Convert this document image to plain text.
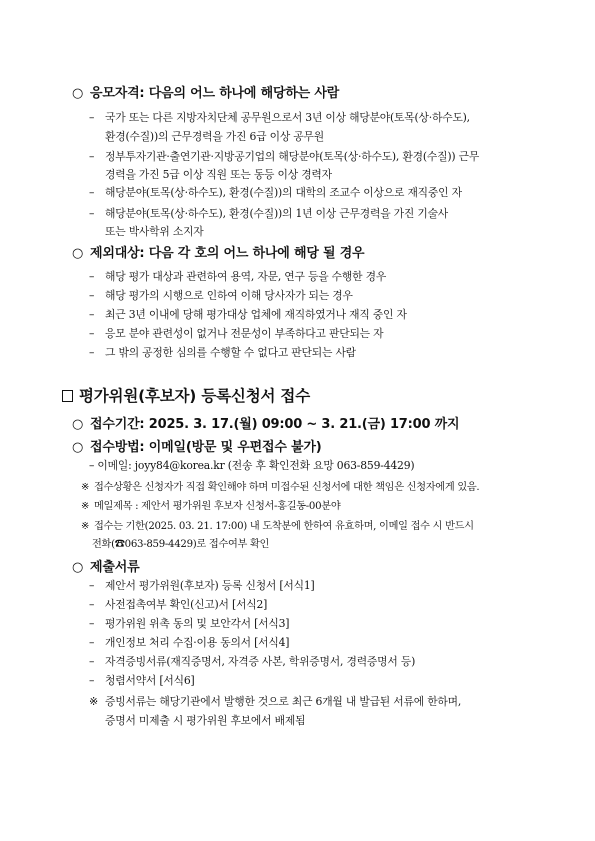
○ 응모자격: 다음의 어느 하나에 해당하는 사람
– 국가 또는 다른 지방자치단체 공무원으로서 3년 이상 해당분야(토목(상·하수도),
환경(수질))의 근무경력을 가진 6급 이상 공무원
– 정부투자기관·출연기관·지방공기업의 해당분야(토목(상·하수도), 환경(수질)) 근무
경력을 가진 5급 이상 직원 또는 동등 이상 경력자
– 해당분야(토목(상·하수도), 환경(수질))의 대학의 조교수 이상으로 재직중인 자
– 해당분야(토목(상·하수도), 환경(수질))의 1년 이상 근무경력을 가진 기술사
또는 박사학위 소지자
○ 제외대상: 다음 각 호의 어느 하나에 해당 될 경우
– 해당 평가 대상과 관련하여 용역, 자문, 연구 등을 수행한 경우
– 해당 평가의 시행으로 인하여 이해 당사자가 되는 경우
– 최근 3년 이내에 당해 평가대상 업체에 재직하였거나 재직 중인 자
– 응모 분야 관련성이 없거나 전문성이 부족하다고 판단되는 자
– 그 밖의 공정한 심의를 수행할 수 없다고 판단되는 사람
평가위원(후보자) 등록신청서 접수
○ 접수기간: 2025. 3. 17.(월) 09:00 ~ 3. 21.(금) 17:00 까지
○ 접수방법: 이메일(방문 및 우편접수 불가)
– 이메일: joyy84@korea.kr (전송 후 확인전화 요망 063-859-4429)
※ 접수상황은 신청자가 직접 확인해야 하며 미접수된 신청서에 대한 책임은 신청자에게 있음.
※ 메일제목 : 제안서 평가위원 후보자 신청서-홍길동-00분야
※ 접수는 기한(2025. 03. 21. 17:00) 내 도착분에 한하여 유효하며, 이메일 접수 시 반드시
전화(☎063-859-4429)로 접수여부 확인
○ 제출서류
– 제안서 평가위원(후보자) 등록 신청서 [서식1]
– 사전접촉여부 확인(신고)서 [서식2]
– 평가위원 위촉 동의 및 보안각서 [서식3]
– 개인정보 처리 수집·이용 동의서 [서식4]
– 자격증빙서류(재직증명서, 자격증 사본, 학위증명서, 경력증명서 등)
– 청렴서약서 [서식6]
※ 증빙서류는 해당기관에서 발행한 것으로 최근 6개월 내 발급된 서류에 한하며,
증명서 미제출 시 평가위원 후보에서 배제됨
